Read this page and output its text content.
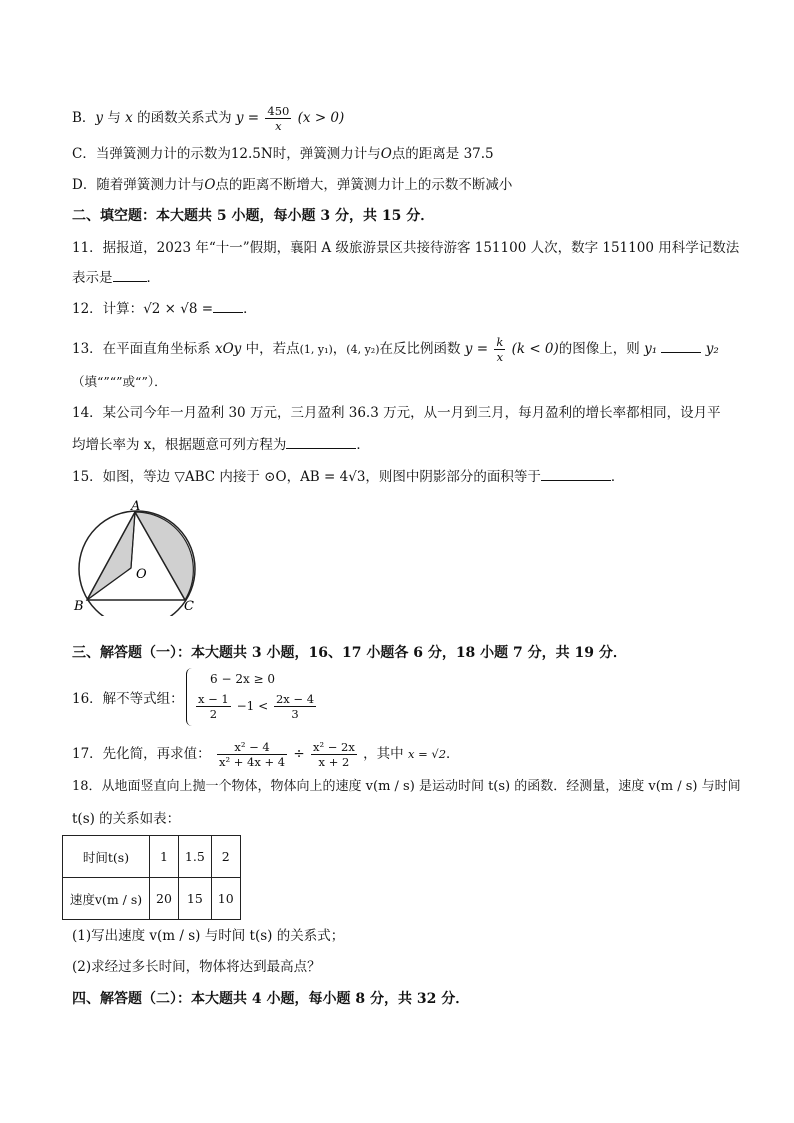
B．y 与 x 的函数关系式为 $y = \frac{450}{x} (x > 0)$
C．当弹簧测力计的示数为12.5N时，弹簧测力计与O点的距离是 37.5
D．随着弹簧测力计与O点的距离不断增大，弹簧测力计上的示数不断减小
二、填空题：本大题共 5 小题，每小题 3 分，共 15 分．
11．据报道，2023 年“十一”假期，襄阳 A 级旅游景区共接待游客 151100 人次，数字 151100 用科学记数法
表示是	．
12．计算：√2 × √8 = ．
13．在平面直角坐标系 xOy 中，若点(1, y₁)，(4, y₂)在反比例函数 $y = \frac{k}{x} (k < 0)$的图像上，则 y₁	y₂
（填“”“”或“”）．
14．某公司今年一月盈利 30 万元，三月盈利 36.3 万元，从一月到三月，每月盈利的增长率都相同，设月平
均增长率为 x，根据题意可列方程为	．
15．如图，等边 ▽ABC 内接于 ⊙O，AB = 4√3，则图中阴影部分的面积等于	．
A
B	C
O
三、解答题（一）：本大题共 3 小题，16、17 小题各 6 分，18 小题 7 分，共 19 分．
16．解不等式组：
6 − 2x ≥ 0
$\frac{x - 1}{2} -1 < \frac{2x - 4}{3}$
17．先化简，再求值： $\frac{\text{x² − 4}}{\text{x² + 4x + 4}} \div \frac{\text{x² − 2x}}{x + 2}$ ，其中 x = √2．
18．从地面竖直向上抛一个物体，物体向上的速度 v(m / s) 是运动时间 t(s) 的函数．经测量，速度 v(m / s) 与时间
t(s) 的关系如表：
时间t(s)	1	1.5	2
速度v(m / s)	20	15	10
(1)写出速度 v(m / s) 与时间 t(s) 的关系式；
(2)求经过多长时间，物体将达到最高点？
四、解答题（二）：本大题共 4 小题，每小题 8 分，共 32 分．
